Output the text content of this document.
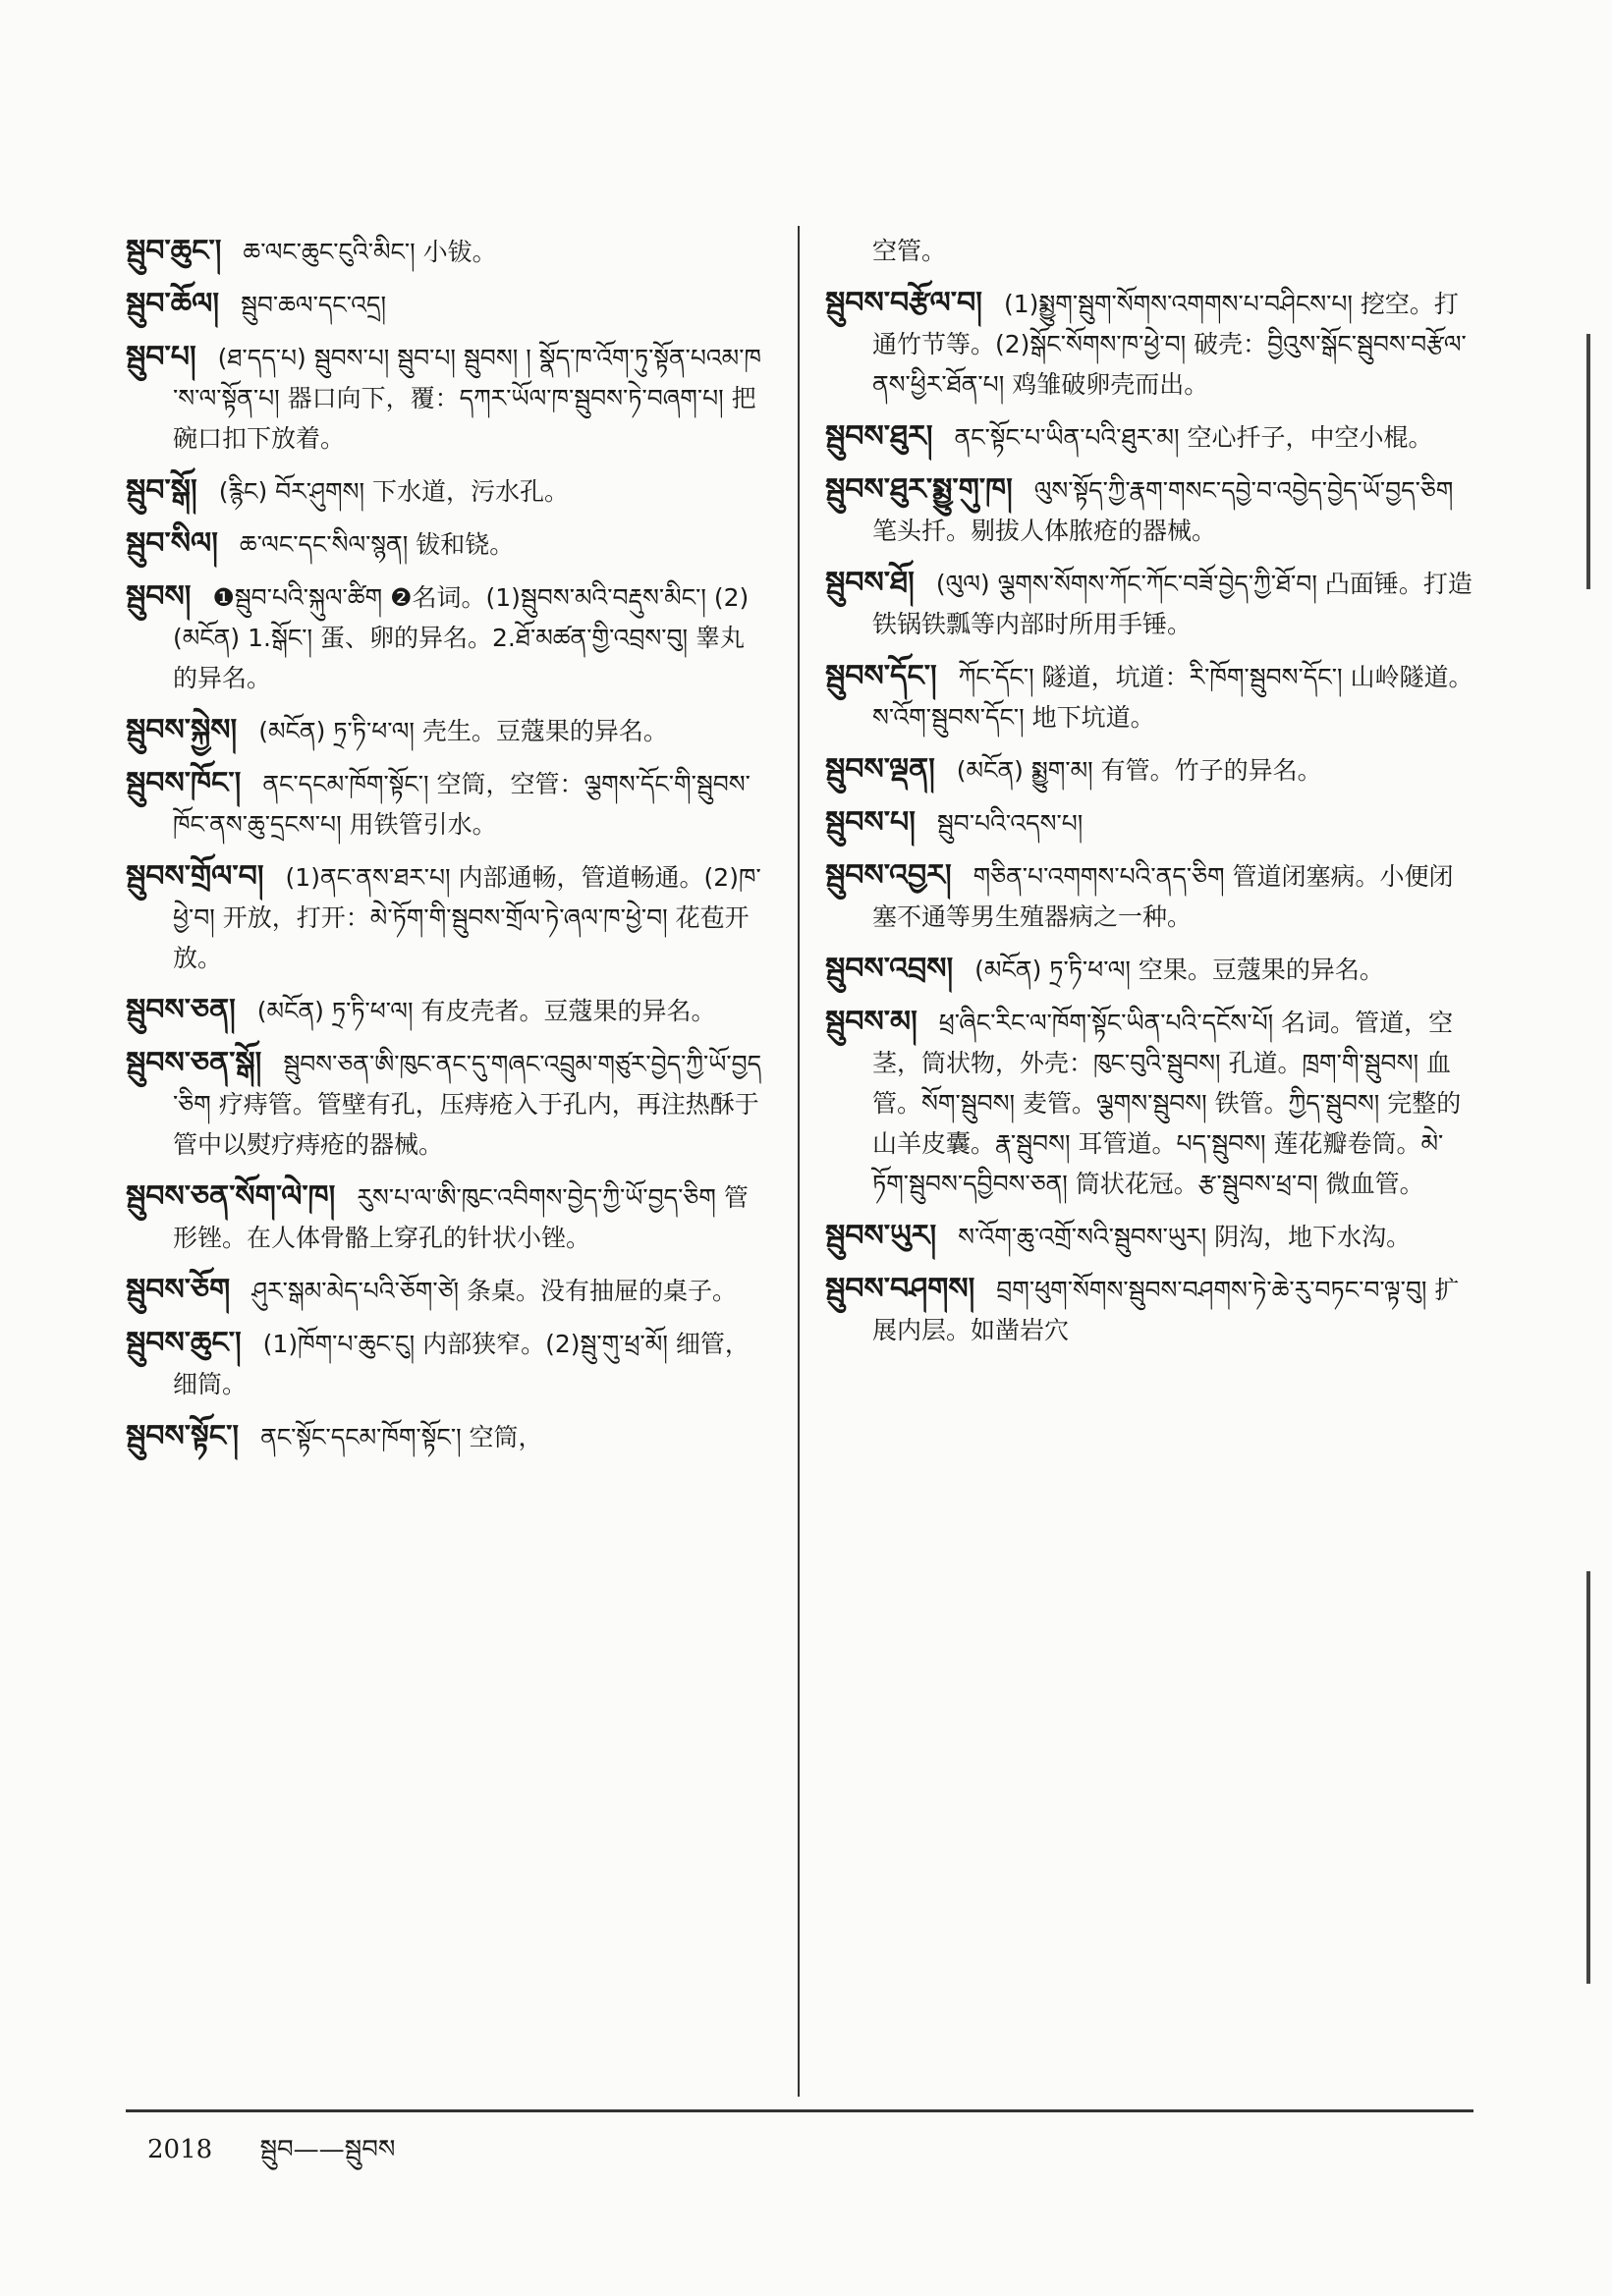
སྦུབ་ཆུང་། ཆ་ལང་ཆུང་ངུའི་མིང་། 小钹。
སྦུབ་ཆོལ། སྦུབ་ཆལ་དང་འདྲ།
སྦུབ་པ། (ཐ་དད་པ) སྦུབས་པ། སྦུབ་པ། སྦུབས། ། སྣོད་ཁ་འོག་ཏུ་སྟོན་པའམ་ཁ་ས་ལ་སྟོན་པ། 器口向下，覆：དཀར་ཡོལ་ཁ་སྦུབས་ཏེ་བཞག་པ། 把碗口扣下放着。
སྦུབ་སྒོ། (རྙིང) བོར་ཤུགས། 下水道，污水孔。
སྦུབ་སིལ། ཆ་ལང་དང་སིལ་སྙན། 钹和铙。
སྦུབས། ❶སྦུབ་པའི་སྐུལ་ཚིག ❷名词。(1)སྦུབས་མའི་བརྡུས་མིང་། (2)(མངོན) 1.སྒོང་། 蛋、卵的异名。2.ཐོ་མཚན་གྱི་འབྲས་བུ། 睾丸的异名。
སྦུབས་སྐྱེས། (མངོན) ཏྲ་ཏི་ཕ་ལ། 壳生。豆蔻果的异名。
སྦུབས་ཁོང་། ནང་དངམ་ཁོག་སྟོང་། 空筒，空管：ལྕགས་དོང་གི་སྦུབས་ཁོང་ནས་ཆུ་དྲངས་པ། 用铁管引水。
སྦུབས་གྲོལ་བ། (1)ནང་ནས་ཐར་པ། 内部通畅，管道畅通。(2)ཁ་ཕྱེ་བ། 开放，打开：མེ་ཏོག་གི་སྦུབས་གྲོལ་ཏེ་ཞལ་ཁ་ཕྱེ་བ། 花苞开放。
སྦུབས་ཅན། (མངོན) ཏྲ་ཏི་ཕ་ལ། 有皮壳者。豆蔻果的异名。
སྦུབས་ཅན་སྒོ། སྦུབས་ཅན་ཨི་ཁུང་ནང་དུ་གཞང་འབྲུམ་གཙུར་བྱེད་ཀྱི་ཡོ་བྱད་ཅིག 疗痔管。管壁有孔，压痔疮入于孔内，再注热酥于管中以熨疗痔疮的器械。
སྦུབས་ཅན་སོག་ལེ་ཁ། རུས་པ་ལ་ཨི་ཁུང་འབིགས་བྱེད་ཀྱི་ཡོ་བྱད་ཅིག 管形锉。在人体骨骼上穿孔的针状小锉。
སྦུབས་ཅོག ཤུར་སྒམ་མེད་པའི་ཅོག་ཙེ། 条桌。没有抽屉的桌子。
སྦུབས་ཆུང་། (1)ཁོག་པ་ཆུང་ངུ། 内部狭窄。(2)སྦུ་གུ་ཕྲ་མོ། 细管，细筒。
སྦུབས་སྟོང་། ནང་སྟོང་དངམ་ཁོག་སྟོང་། 空筒，
空管。
སྦུབས་བརྩོལ་བ། (1)སྨྱུག་སྦུག་སོགས་འགགས་པ་བཤིངས་པ། 挖空。打通竹节等。(2)སྒོང་སོགས་ཁ་ཕྱེ་བ། 破壳：བྱིའུས་སྒོང་སྦུབས་བརྩོལ་ནས་ཕྱིར་ཐོན་པ། 鸡雏破卵壳而出。
སྦུབས་ཐུར། ནང་སྟོང་པ་ཡིན་པའི་ཐུར་མ། 空心扦子，中空小棍。
སྦུབས་ཐུར་སྨྱུ་གུ་ཁ། ལུས་སྟོད་ཀྱི་རྣག་གསང་དབྱེ་བ་འབྱེད་བྱེད་ཡོ་བྱད་ཅིག 笔头扦。剔拔人体脓疮的器械。
སྦུབས་ཐོ། (ལུལ) ལྕགས་སོགས་ཀོང་ཀོང་བཟོ་བྱེད་ཀྱི་ཐོ་བ། 凸面锤。打造铁锅铁瓢等内部时所用手锤。
སྦུབས་དོང་། ཀོང་དོང་། 隧道，坑道：རི་ཁོག་སྦུབས་དོང་། 山岭隧道。ས་འོག་སྦུབས་དོང་། 地下坑道。
སྦུབས་ལྡན། (མངོན) སྨྱུག་མ། 有管。竹子的异名。
སྦུབས་པ། སྦུབ་པའི་འདས་པ།
སྦུབས་འབྱར། གཅིན་པ་འགགས་པའི་ནད་ཅིག 管道闭塞病。小便闭塞不通等男生殖器病之一种。
སྦུབས་འབྲས། (མངོན) ཏྲ་ཏི་ཕ་ལ། 空果。豆蔻果的异名。
སྦུབས་མ། ཕྲ་ཞིང་རིང་ལ་ཁོག་སྟོང་ཡིན་པའི་དངོས་པོ། 名词。管道，空茎，筒状物，外壳：ཁུང་བུའི་སྦུབས། 孔道。ཁྲག་གི་སྦུབས། 血管。སོག་སྦུབས། 麦管。ལྕགས་སྦུབས། 铁管。ཀྱིད་སྦུབས། 完整的山羊皮囊。རྣ་སྦུབས། 耳管道。པད་སྦུབས། 莲花瓣卷筒。མེ་ཏོག་སྦུབས་དབྱིབས་ཅན། 筒状花冠。རྩ་སྦུབས་ཕྲ་བ། 微血管。
སྦུབས་ཡུར། ས་འོག་ཆུ་འགྲོ་སའི་སྦུབས་ཡུར། 阴沟，地下水沟。
སྦུབས་བཤགས། བྲག་ཕུག་སོགས་སྦུབས་བཤགས་ཏེ་ཆེ་རུ་བཏང་བ་ལྟ་བུ། 扩展内层。如凿岩穴
2018 སྦུབ——སྦུབས
